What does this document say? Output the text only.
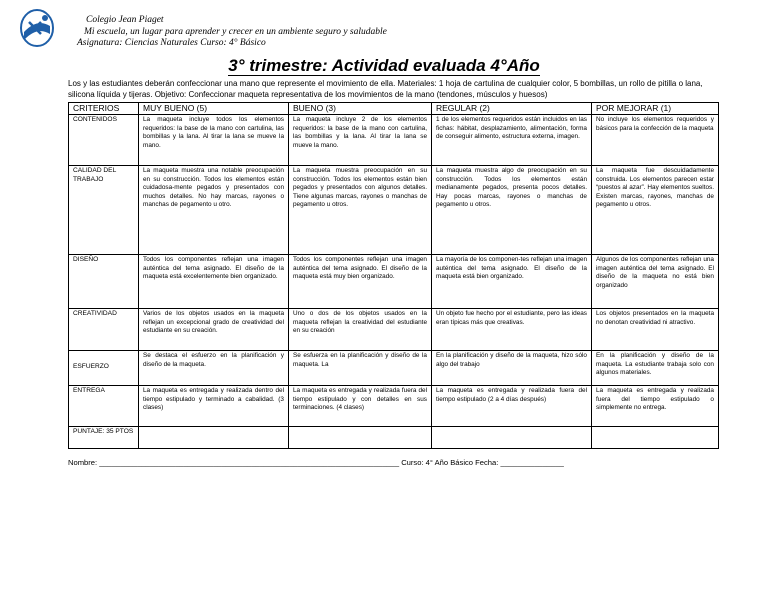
Colegio Jean Piaget
Mi escuela, un lugar para aprender y crecer en un ambiente seguro y saludable
Asignatura: Ciencias Naturales Curso: 4° Básico
3° trimestre: Actividad evaluada 4°Año
Los y las estudiantes deberán confeccionar una mano que represente el movimiento de ella. Materiales: 1 hoja de cartulina de cualquier color, 5 bombillas, un rollo de pitilla o lana, silicona líquida y tijeras. Objetivo: Confeccionar maqueta representativa de los movimientos de la mano (tendones, músculos y huesos)
CRITERIOS	MUY BUENO (5)	BUENO (3)	REGULAR (2)	POR MEJORAR (1)
CONTENIDOS	La maqueta incluye todos los elementos requeridos: la base de la mano con cartulina, las bombillas y la lana. Al tirar la lana se mueve la mano.	La maqueta incluye 2 de los elementos requeridos: la base de la mano con cartulina, las bombillas y la lana. Al tirar la lana se mueve la mano.	1 de los elementos requeridos están incluidos en las fichas: hábitat, desplazamiento, alimentación, forma de conseguir alimento, estructura externa, imagen.	No incluye los elementos requeridos y básicos para la confección de la maqueta
CALIDAD DEL TRABAJO	La maqueta muestra una notable preocupación en su construcción. Todos los elementos están cuidadosa-mente pegados y presentados con muchos detalles. No hay marcas, rayones o manchas de pegamento u otro.	La maqueta muestra preocupación en su construcción. Todos los elementos están bien pegados y presentados con algunos detalles. Tiene algunas marcas, rayones o manchas de pegamento u otros.	La maqueta muestra algo de preocupación en su construcción. Todos los elementos están medianamente pegados, presenta pocos detalles. Hay pocas marcas, rayones o manchas de pegamento u otros.	La maqueta fue descuidadamente construida. Los elementos parecen estar “puestos al azar”. Hay elementos sueltos. Existen marcas, rayones, manchas de pegamento u otros.
DISEÑO	Todos los componentes reflejan una imagen auténtica del tema asignado. El diseño de la maqueta está excelentemente bien organizado.	Todos los componentes reflejan una imagen auténtica del tema asignado. El diseño de la maqueta está muy bien organizado.	La mayoría de los componen-tes reflejan una imagen auténtica del tema asignado. El diseño de la maqueta está bien organizado.	Algunos de los componentes reflejan una imagen auténtica del tema asignado. El diseño de la maqueta no está bien organizado
CREATIVIDAD	Varios de los objetos usados en la maqueta reflejan un excepcional grado de creatividad del estudiante en su creación.	Uno o dos de los objetos usados en la maqueta reflejan la creatividad del estudiante en su creación	Un objeto fue hecho por el estudiante, pero las ideas eran típicas más que creativas.	Los objetos presentados en la maqueta no denotan creatividad ni atractivo.
ESFUERZO	Se destaca el esfuerzo en la planificación y diseño de la maqueta.	Se esfuerza en la planificación y diseño de la maqueta. La	En la planificación y diseño de la maqueta, hizo sólo algo del trabajo	En la planificación y diseño de la maqueta. La estudiante trabaja solo con algunos materiales.
ENTREGA	La maqueta es entregada y realizada dentro del tiempo estipulado y terminado a cabalidad. (3 clases)	La maqueta es entregada y realizada fuera del tiempo estipulado y con detalles en sus terminaciones. (4 clases)	La maqueta es entregada y realizada fuera del tiempo estipulado (2 a 4 días después)	La maqueta es entregada y realizada fuera del tiempo estipulado o simplemente no entrega.
PUNTAJE: 35 PTOS				
Nombre: _______________________________________________________________________ Curso: 4° Año Básico Fecha: _______________
